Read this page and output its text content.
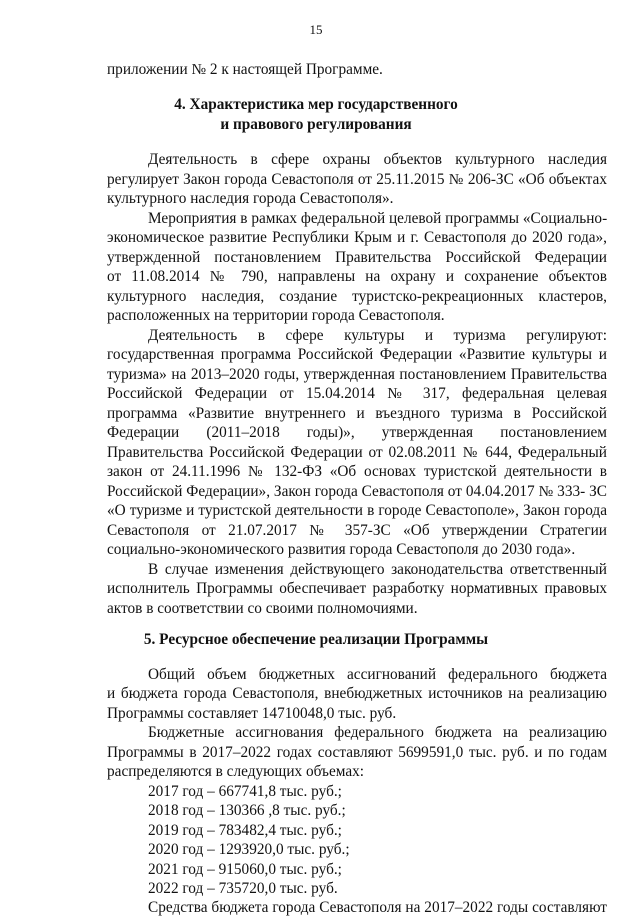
15
приложении № 2 к настоящей Программе.
4. Характеристика мер государственного
и правового регулирования
Деятельность в сфере охраны объектов культурного наследия
регулирует Закон города Севастополя от 25.11.2015 № 206-ЗС «Об объектах
культурного наследия города Севастополя».
Мероприятия в рамках федеральной целевой программы «Социально-
экономическое развитие Республики Крым и г. Севастополя до 2020 года»,
утвержденной постановлением Правительства Российской Федерации
от 11.08.2014 № 790, направлены на охрану и сохранение объектов
культурного наследия, создание туристско-рекреационных кластеров,
расположенных на территории города Севастополя.
Деятельность в сфере культуры и туризма регулируют:
государственная программа Российской Федерации «Развитие культуры и
туризма» на 2013–2020 годы, утвержденная постановлением Правительства
Российской Федерации от 15.04.2014 № 317, федеральная целевая
программа «Развитие внутреннего и въездного туризма в Российской
Федерации (2011–2018 годы)», утвержденная постановлением
Правительства Российской Федерации от 02.08.2011 № 644, Федеральный
закон от 24.11.1996 № 132-ФЗ «Об основах туристской деятельности в
Российской Федерации», Закон города Севастополя от 04.04.2017 № 333- ЗС
«О туризме и туристской деятельности в городе Севастополе», Закон города
Севастополя от 21.07.2017 № 357-ЗС «Об утверждении Стратегии
социально-экономического развития города Севастополя до 2030 года».
В случае изменения действующего законодательства ответственный
исполнитель Программы обеспечивает разработку нормативных правовых
актов в соответствии со своими полномочиями.
5. Ресурсное обеспечение реализации Программы
Общий объем бюджетных ассигнований федерального бюджета
и бюджета города Севастополя, внебюджетных источников на реализацию
Программы составляет 14710048,0 тыс. руб.
Бюджетные ассигнования федерального бюджета на реализацию
Программы в 2017–2022 годах составляют 5699591,0 тыс. руб. и по годам
распределяются в следующих объемах:
2017 год – 667741,8 тыс. руб.;
2018 год – 130366 ,8 тыс. руб.;
2019 год – 783482,4 тыс. руб.;
2020 год – 1293920,0 тыс. руб.;
2021 год – 915060,0 тыс. руб.;
2022 год – 735720,0 тыс. руб.
Средства бюджета города Севастополя на 2017–2022 годы составляют
